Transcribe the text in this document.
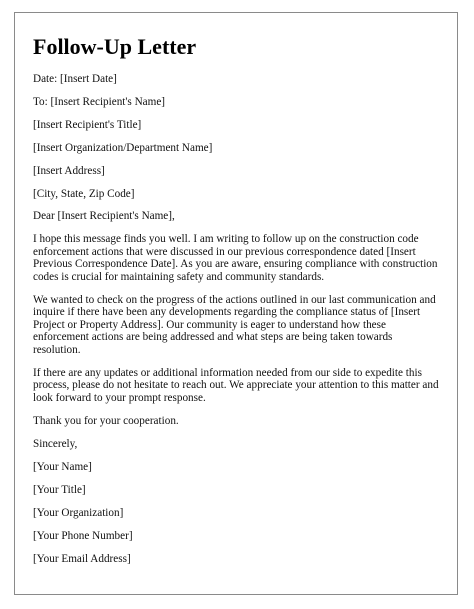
Follow-Up Letter

Date: [Insert Date]

To: [Insert Recipient's Name]

[Insert Recipient's Title]

[Insert Organization/Department Name]

[Insert Address]

[City, State, Zip Code]

Dear [Insert Recipient's Name],

I hope this message finds you well. I am writing to follow up on the construction code enforcement actions that were discussed in our previous correspondence dated [Insert Previous Correspondence Date]. As you are aware, ensuring compliance with construction codes is crucial for maintaining safety and community standards.

We wanted to check on the progress of the actions outlined in our last communication and inquire if there have been any developments regarding the compliance status of [Insert Project or Property Address]. Our community is eager to understand how these enforcement actions are being addressed and what steps are being taken towards resolution.

If there are any updates or additional information needed from our side to expedite this process, please do not hesitate to reach out. We appreciate your attention to this matter and look forward to your prompt response.

Thank you for your cooperation.

Sincerely,

[Your Name]

[Your Title]

[Your Organization]

[Your Phone Number]

[Your Email Address]
